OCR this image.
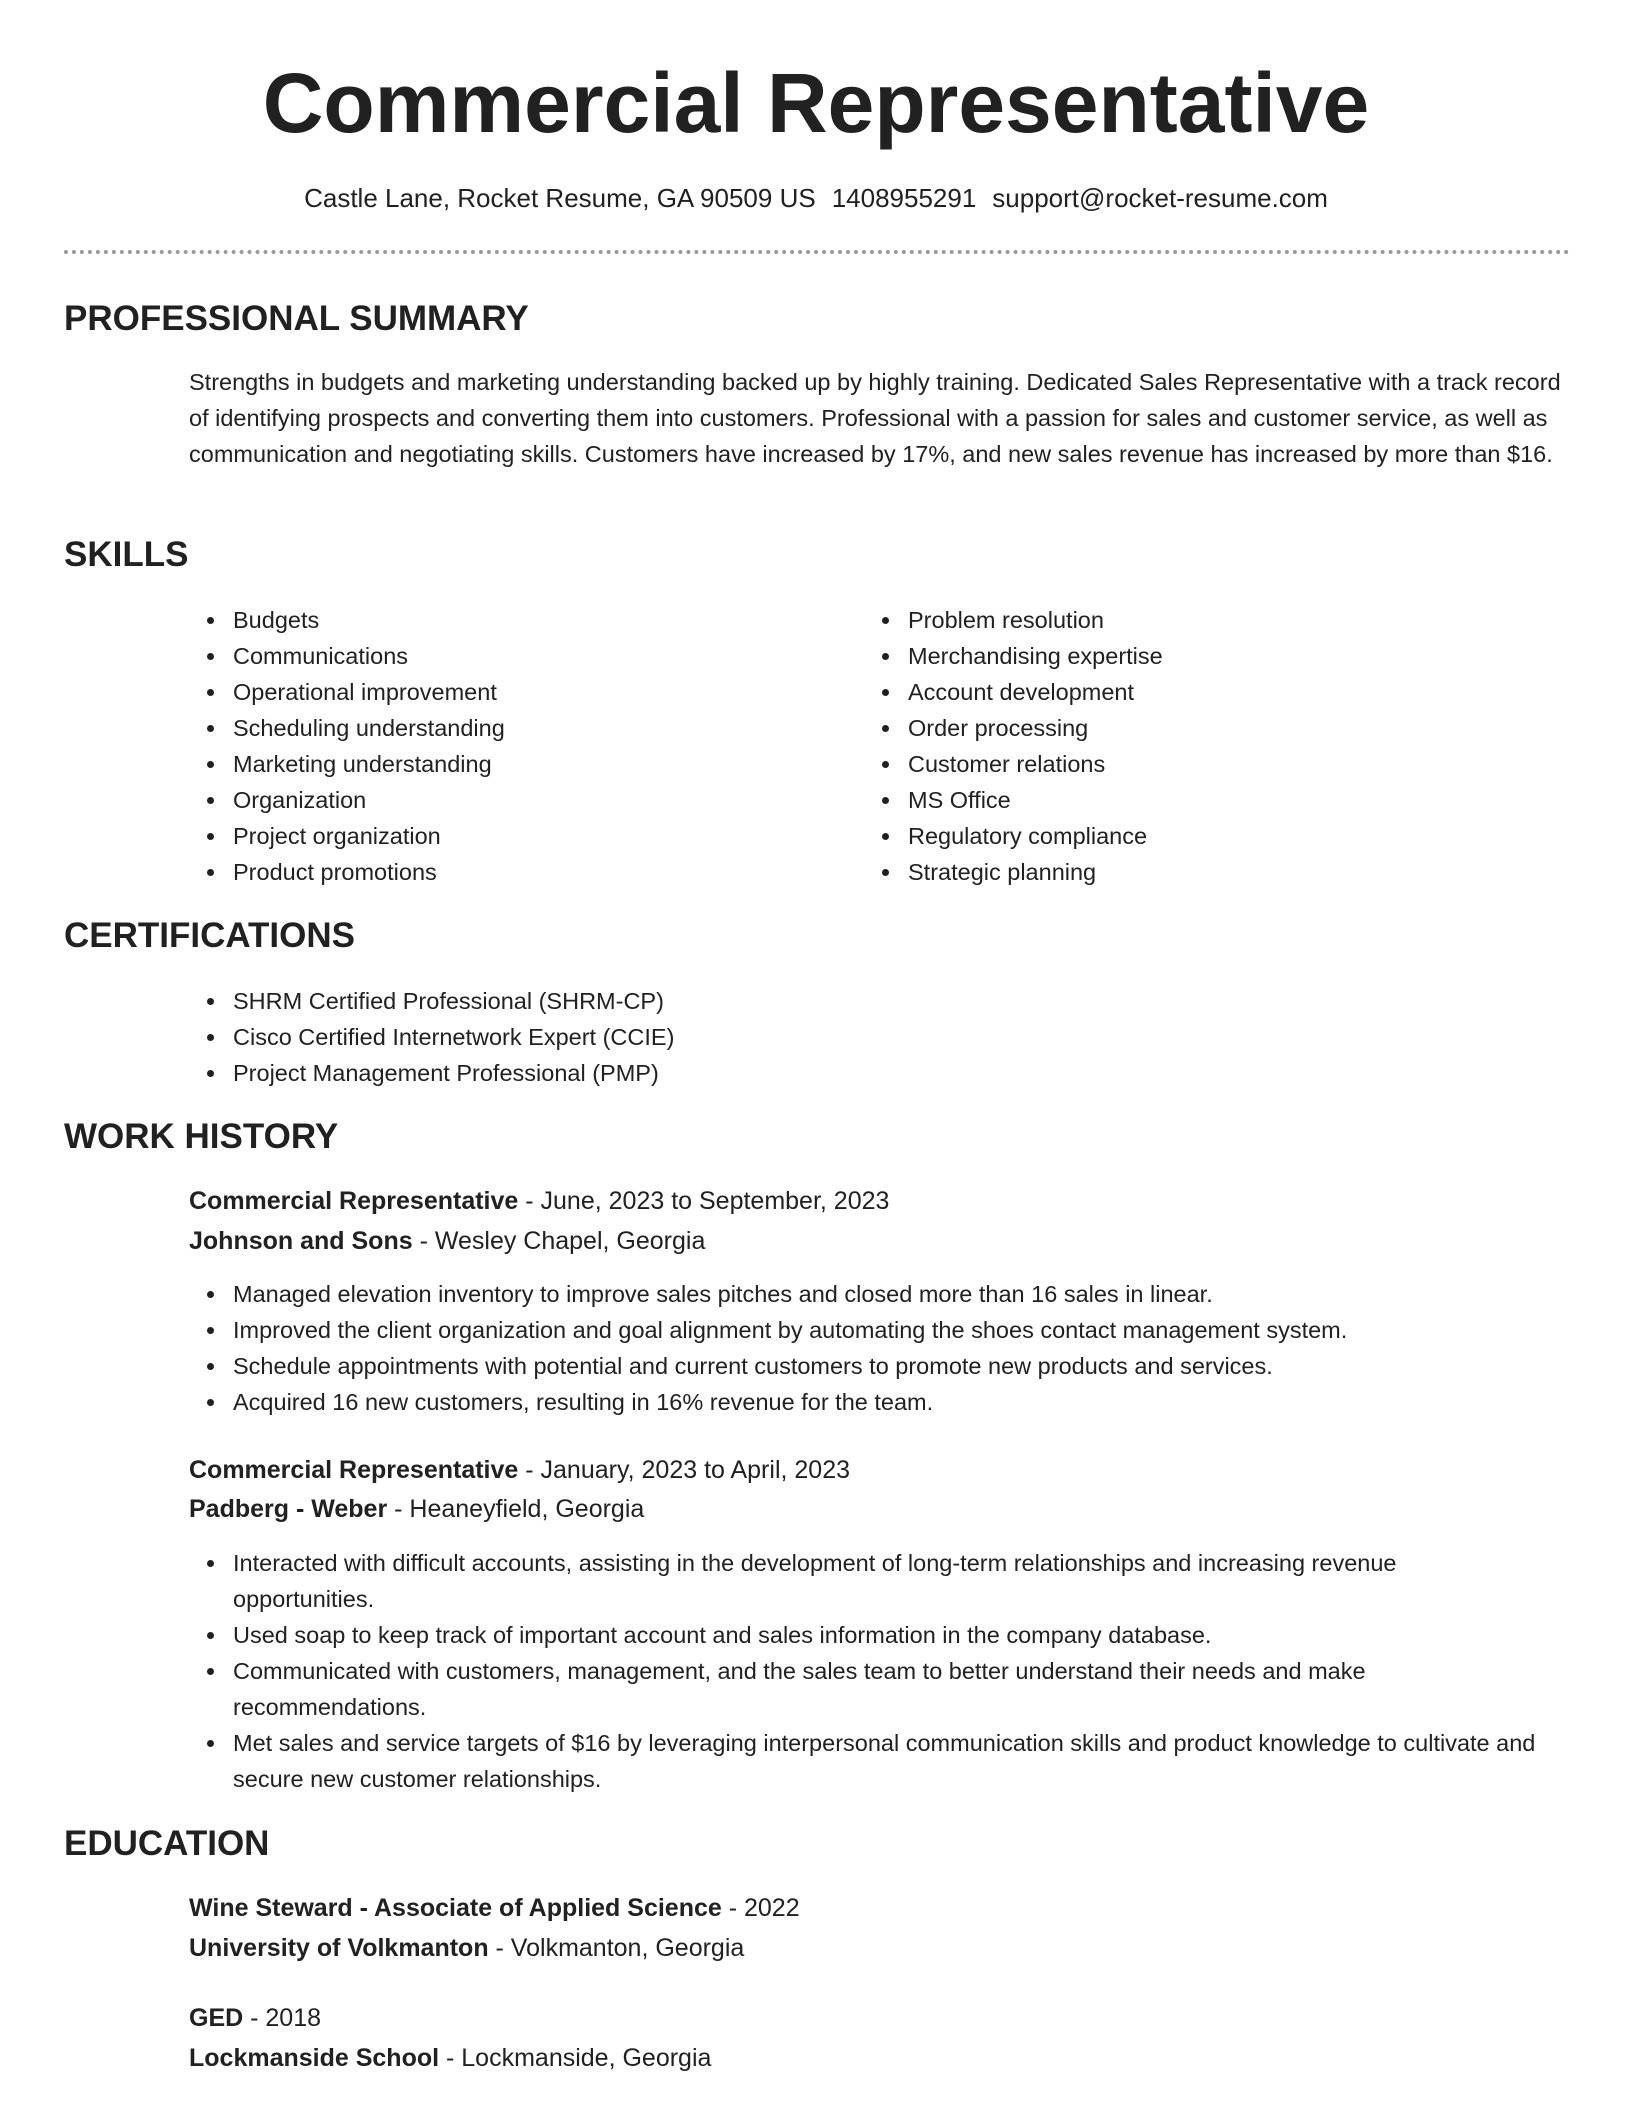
Commercial Representative
Castle Lane, Rocket Resume, GA 90509 US 1408955291 support@rocket-resume.com
PROFESSIONAL SUMMARY
Strengths in budgets and marketing understanding backed up by highly training. Dedicated Sales Representative with a track record of identifying prospects and converting them into customers. Professional with a passion for sales and customer service, as well as communication and negotiating skills. Customers have increased by 17%, and new sales revenue has increased by more than $16.
SKILLS
Budgets
Communications
Operational improvement
Scheduling understanding
Marketing understanding
Organization
Project organization
Product promotions
Problem resolution
Merchandising expertise
Account development
Order processing
Customer relations
MS Office
Regulatory compliance
Strategic planning
CERTIFICATIONS
SHRM Certified Professional (SHRM-CP)
Cisco Certified Internetwork Expert (CCIE)
Project Management Professional (PMP)
WORK HISTORY
Commercial Representative - June, 2023 to September, 2023
Johnson and Sons - Wesley Chapel, Georgia
Managed elevation inventory to improve sales pitches and closed more than 16 sales in linear.
Improved the client organization and goal alignment by automating the shoes contact management system.
Schedule appointments with potential and current customers to promote new products and services.
Acquired 16 new customers, resulting in 16% revenue for the team.
Commercial Representative - January, 2023 to April, 2023
Padberg - Weber - Heaneyfield, Georgia
Interacted with difficult accounts, assisting in the development of long-term relationships and increasing revenue opportunities.
Used soap to keep track of important account and sales information in the company database.
Communicated with customers, management, and the sales team to better understand their needs and make recommendations.
Met sales and service targets of $16 by leveraging interpersonal communication skills and product knowledge to cultivate and secure new customer relationships.
EDUCATION
Wine Steward - Associate of Applied Science - 2022
University of Volkmanton - Volkmanton, Georgia
GED - 2018
Lockmanside School - Lockmanside, Georgia
